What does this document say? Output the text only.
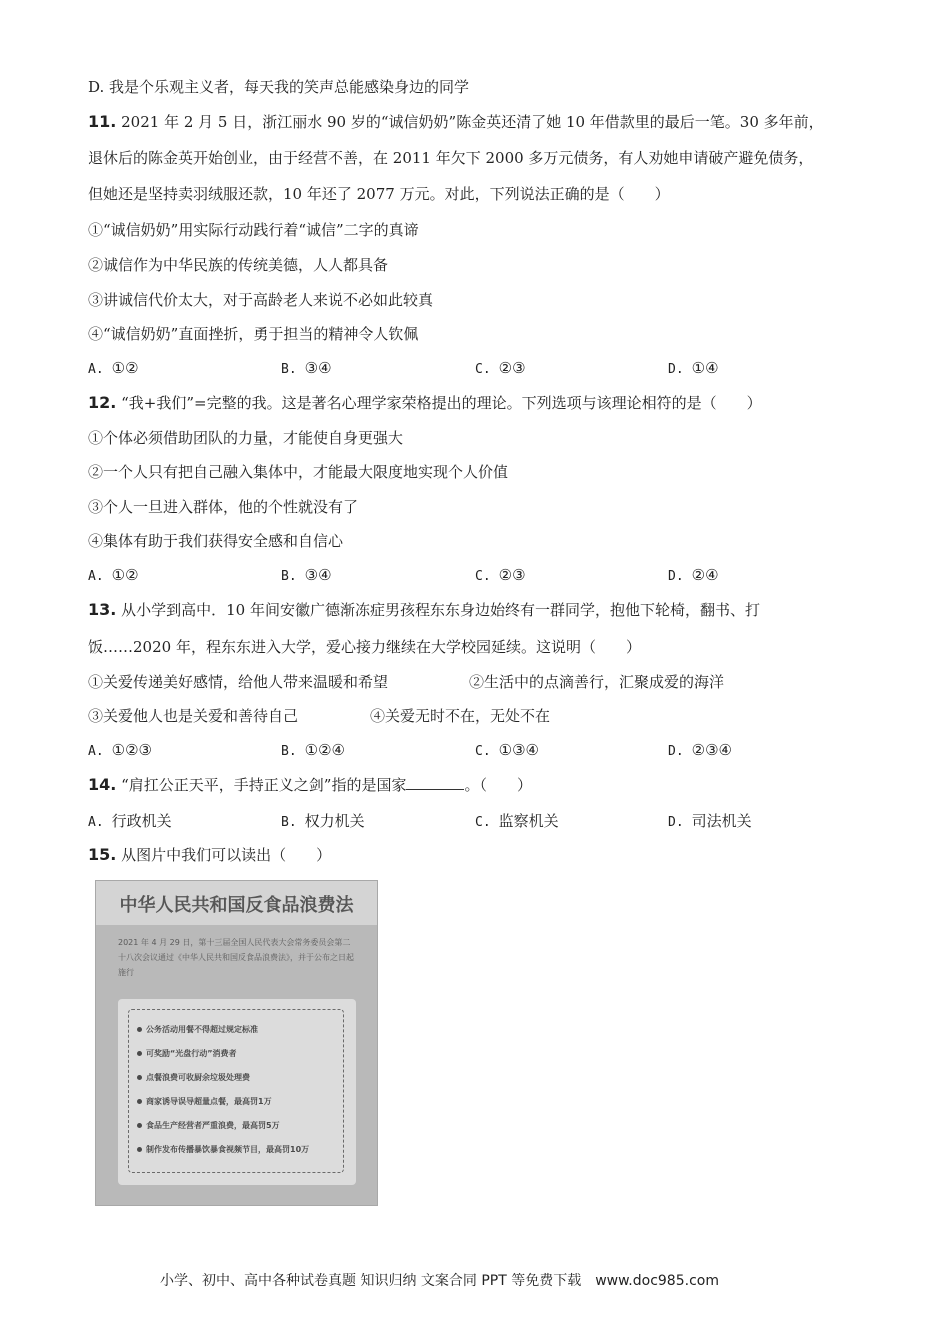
D. 我是个乐观主义者，每天我的笑声总能感染身边的同学
11. 2021 年 2 月 5 日，浙江丽水 90 岁的“诚信奶奶”陈金英还清了她 10 年借款里的最后一笔。30 多年前，
退休后的陈金英开始创业，由于经营不善，在 2011 年欠下 2000 多万元债务，有人劝她申请破产避免债务，
但她还是坚持卖羽绒服还款，10 年还了 2077 万元。对此，下列说法正确的是（　　）
①“诚信奶奶”用实际行动践行着“诚信”二字的真谛
②诚信作为中华民族的传统美德，人人都具备
③讲诚信代价太大，对于高龄老人来说不必如此较真
④“诚信奶奶”直面挫折，勇于担当的精神令人钦佩
A. ①②	B. ③④	C. ②③	D. ①④
12. “我+我们”=完整的我。这是著名心理学家荣格提出的理论。下列选项与该理论相符的是（　　）
①个体必须借助团队的力量，才能使自身更强大
②一个人只有把自己融入集体中，才能最大限度地实现个人价值
③个人一旦进入群体，他的个性就没有了
④集体有助于我们获得安全感和自信心
A. ①②	B. ③④	C. ②③	D. ②④
13. 从小学到高中．10 年间安徽广德渐冻症男孩程东东身边始终有一群同学，抱他下轮椅，翻书、打
饭……2020 年，程东东进入大学，爱心接力继续在大学校园延续。这说明（　　）
①关爱传递美好感情，给他人带来温暖和希望	②生活中的点滴善行，汇聚成爱的海洋
③关爱他人也是关爱和善待自己	④关爱无时不在，无处不在
A. ①②③	B. ①②④	C. ①③④	D. ②③④
14. “肩扛公正天平，手持正义之剑”指的是国家	。（　　）
A. 行政机关	B. 权力机关	C. 监察机关	D. 司法机关
15. 从图片中我们可以读出（　　）
中华人民共和国反食品浪费法
2021 年 4 月 29 日，第十三届全国人民代表大会常务委员会第二十八次会议通过《中华人民共和国反食品浪费法》，并于公布之日起施行
公务活动用餐不得超过规定标准
可奖励“光盘行动”消费者
点餐浪费可收厨余垃圾处理费
商家诱导误导超量点餐，最高罚1万
食品生产经营者严重浪费，最高罚5万
制作发布传播暴饮暴食视频节目，最高罚10万
小学、初中、高中各种试卷真题 知识归纳 文案合同 PPT 等免费下载　www.doc985.com
